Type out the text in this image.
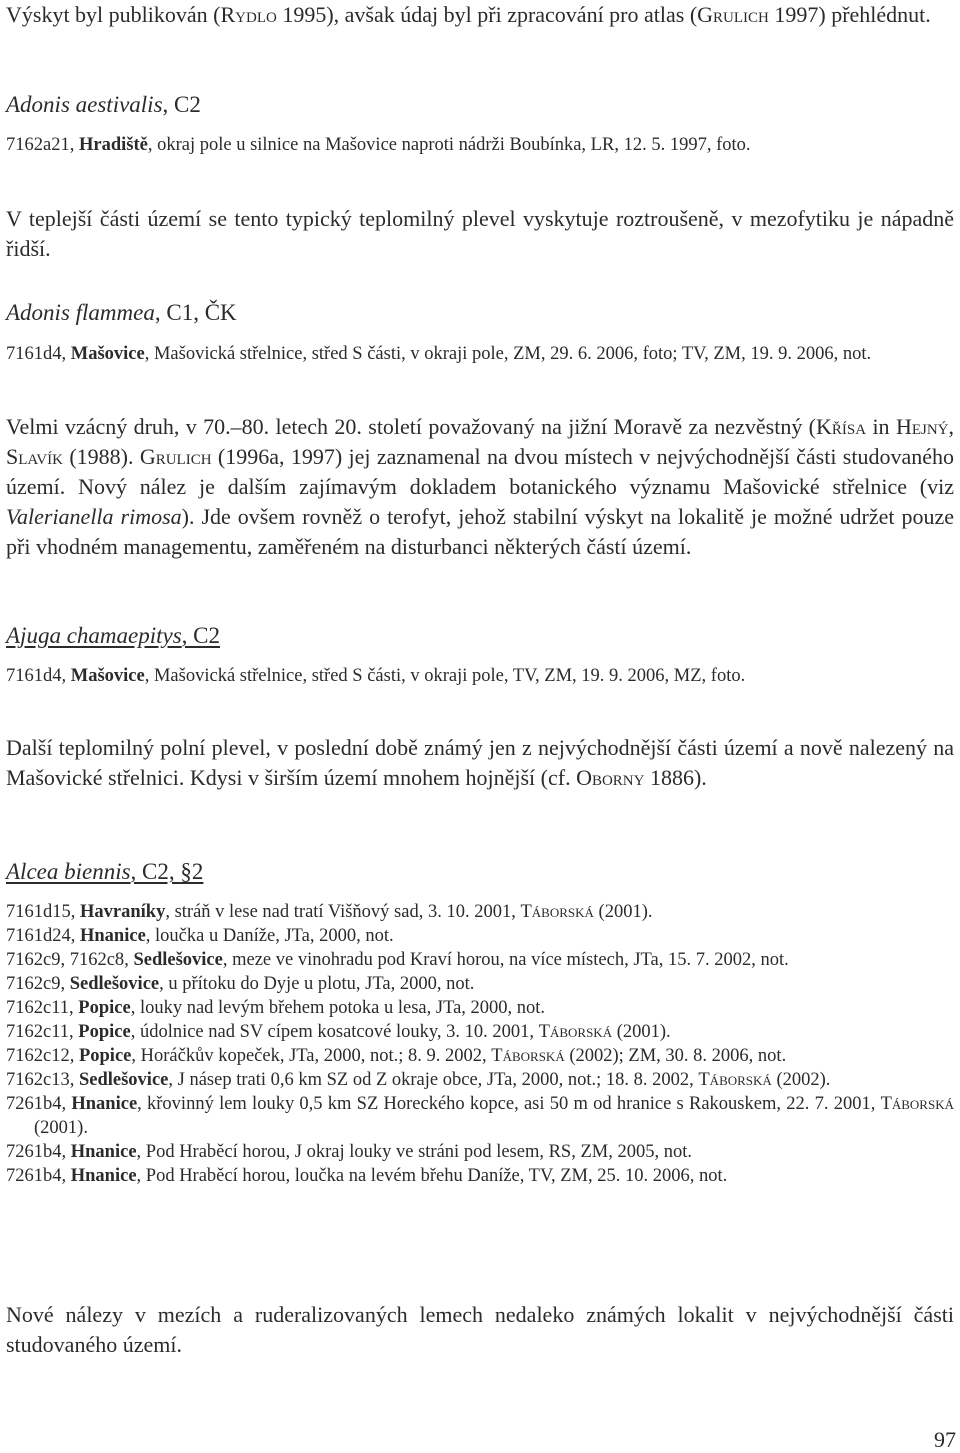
Výskyt byl publikován (Rydlo 1995), avšak údaj byl při zpracování pro atlas (Grulich 1997) přehlédnut.

Adonis aestivalis, C2

7162a21, Hradiště, okraj pole u silnice na Mašovice naproti nádrži Boubínka, LR, 12. 5. 1997, foto.

V teplejší části území se tento typický teplomilný plevel vyskytuje roztroušeně, v mezofytiku je nápadně řidší.

Adonis flammea, C1, ČK

7161d4, Mašovice, Mašovická střelnice, střed S části, v okraji pole, ZM, 29. 6. 2006, foto; TV, ZM, 19. 9. 2006, not.

Velmi vzácný druh, v 70.–80. letech 20. století považovaný na jižní Moravě za nezvěstný (Křísa in Hejný, Slavík (1988). Grulich (1996a, 1997) jej zaznamenal na dvou místech v nejvýchodnější části studovaného území. Nový nález je dalším zajímavým dokladem botanického významu Mašovické střelnice (viz Valerianella rimosa). Jde ovšem rovněž o terofyt, jehož stabilní výskyt na lokalitě je možné udržet pouze při vhodném managementu, zaměřeném na disturbanci některých částí území.

Ajuga chamaepitys, C2

7161d4, Mašovice, Mašovická střelnice, střed S části, v okraji pole, TV, ZM, 19. 9. 2006, MZ, foto.

Další teplomilný polní plevel, v poslední době známý jen z nejvýchodnější části území a nově nalezený na Mašovické střelnici. Kdysi v širším území mnohem hojnější (cf. Oborny 1886).

Alcea biennis, C2, §2

7161d15, Havraníky, stráň v lese nad tratí Višňový sad, 3. 10. 2001, Táborská (2001).

7161d24, Hnanice, loučka u Daníže, JTa, 2000, not.

7162c9, 7162c8, Sedlešovice, meze ve vinohradu pod Kraví horou, na více místech, JTa, 15. 7. 2002, not.

7162c9, Sedlešovice, u přítoku do Dyje u plotu, JTa, 2000, not.

7162c11, Popice, louky nad levým břehem potoka u lesa, JTa, 2000, not.

7162c11, Popice, údolnice nad SV cípem kosatcové louky, 3. 10. 2001, Táborská (2001).

7162c12, Popice, Horáčkův kopeček, JTa, 2000, not.; 8. 9. 2002, Táborská (2002); ZM, 30. 8. 2006, not.

7162c13, Sedlešovice, J násep trati 0,6 km SZ od Z okraje obce, JTa, 2000, not.; 18. 8. 2002, Táborská (2002).

7261b4, Hnanice, křovinný lem louky 0,5 km SZ Horeckého kopce, asi 50 m od hranice s Rakouskem, 22. 7. 2001, Táborská (2001).

7261b4, Hnanice, Pod Hraběcí horou, J okraj louky ve stráni pod lesem, RS, ZM, 2005, not.

7261b4, Hnanice, Pod Hraběcí horou, loučka na levém břehu Daníže, TV, ZM, 25. 10. 2006, not.

Nové nálezy v mezích a ruderalizovaných lemech nedaleko známých lokalit v nejvýchodnější části studovaného území.

97
